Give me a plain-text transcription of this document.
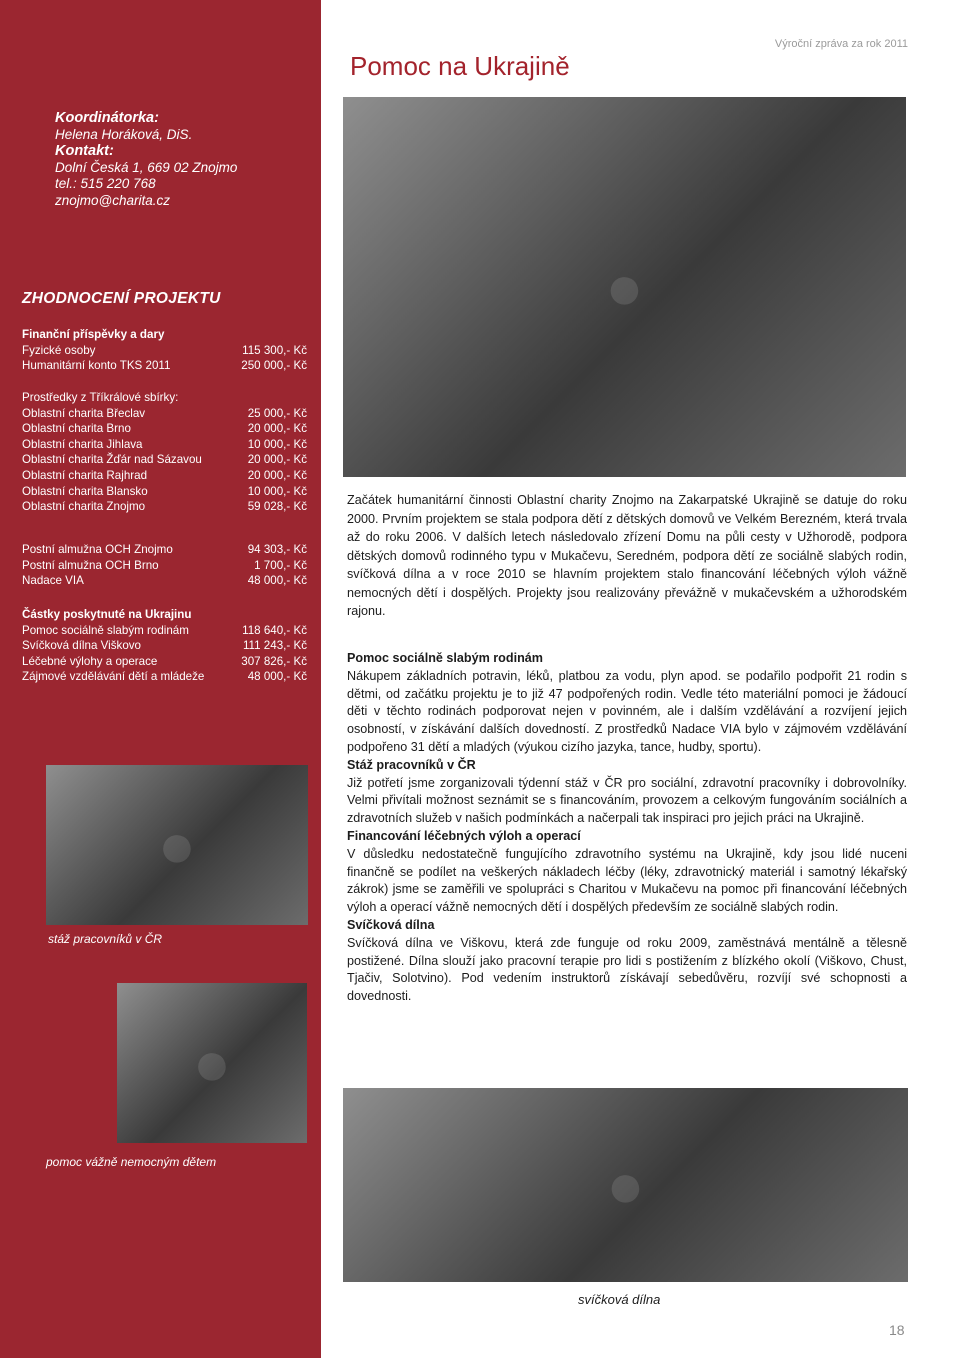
Koordinátorka:
Helena Horáková, DiS.
Kontakt:
Dolní Česká 1, 669 02 Znojmo
tel.: 515 220 768
znojmo@charita.cz
ZHODNOCENÍ PROJEKTU
Finanční příspěvky a dary
Fyzické osoby	115 300,- Kč
Humanitární konto TKS 2011	250 000,- Kč
Prostředky z Tříkrálové sbírky:
Oblastní charita Břeclav	25 000,- Kč
Oblastní charita Brno	20 000,- Kč
Oblastní charita Jihlava	10 000,- Kč
Oblastní charita Žďár nad Sázavou	20 000,- Kč
Oblastní charita Rajhrad	20 000,- Kč
Oblastní charita Blansko	10 000,- Kč
Oblastní charita Znojmo	59 028,- Kč
Postní almužna OCH Znojmo	94 303,- Kč
Postní almužna OCH Brno	1 700,- Kč
Nadace VIA	48 000,- Kč
Částky poskytnuté na Ukrajinu
Pomoc sociálně slabým rodinám	118 640,- Kč
Svíčková dílna Viškovo	111 243,- Kč
Léčebné výlohy a operace	307 826,- Kč
Zájmové vzdělávání dětí a mládeže	48 000,- Kč
●
stáž pracovníků v ČR
●
pomoc vážně nemocným dětem
Výroční zpráva za rok 2011
Pomoc na Ukrajině
●
Začátek humanitární činnosti Oblastní charity Znojmo na Zakarpatské Ukrajině se datuje do roku 2000. Prvním projektem se stala podpora dětí z dětských domovů ve Velkém Berezném, která trvala až do roku 2006. V dalších letech následovalo zřízení Domu na půli cesty v Užhorodě, podpora dětských domovů rodinného typu v Mukačevu, Seredném, podpora dětí ze sociálně slabých rodin, svíčková dílna a v roce 2010 se hlavním projektem stalo financování léčebných výloh vážně nemocných dětí i dospělých. Projekty jsou realizovány převážně v mukačevském a užhorodském rajonu.

Pomoc sociálně slabým rodinám

Nákupem základních potravin, léků, platbou za vodu, plyn apod. se podařilo podpořit 21 rodin s dětmi, od začátku projektu je to již 47 podpořených rodin. Vedle této materiální pomoci je žádoucí děti v těchto rodinách podporovat nejen v povinném, ale i dalším vzdělávání a rozvíjení jejich osobností, v získávání dalších dovedností. Z prostředků Nadace VIA bylo v zájmovém vzdělávání podpořeno 31 dětí a mladých (výukou cizího jazyka, tance, hudby, sportu).

Stáž pracovníků v ČR

Již potřetí jsme zorganizovali týdenní stáž v ČR pro sociální, zdravotní pracovníky i dobrovolníky. Velmi přivítali možnost seznámit se s financováním, provozem a celkovým fungováním sociálních a zdravotních služeb v našich podmínkách a načerpali tak inspiraci pro jejich práci na Ukrajině.

Financování léčebných výloh a operací

V důsledku nedostatečně fungujícího zdravotního systému na Ukrajině, kdy jsou lidé nuceni finančně se podílet na veškerých nákladech léčby (léky, zdravotnický materiál i samotný lékařský zákrok) jsme se zaměřili ve spolupráci s Charitou v Mukačevu na pomoc při financování léčebných výloh a operací vážně nemocných dětí i dospělých především ze sociálně slabých rodin.

Svíčková dílna

Svíčková dílna ve Viškovu, která zde funguje od roku 2009, zaměstnává mentálně a tělesně postižené. Dílna slouží jako pracovní terapie pro lidi s postižením z blízkého okolí (Viškovo, Chust, Tjačiv, Solotvino). Pod vedením instruktorů získávají sebedůvěru, rozvíjí své schopnosti a dovednosti.

●
svíčková dílna
18
